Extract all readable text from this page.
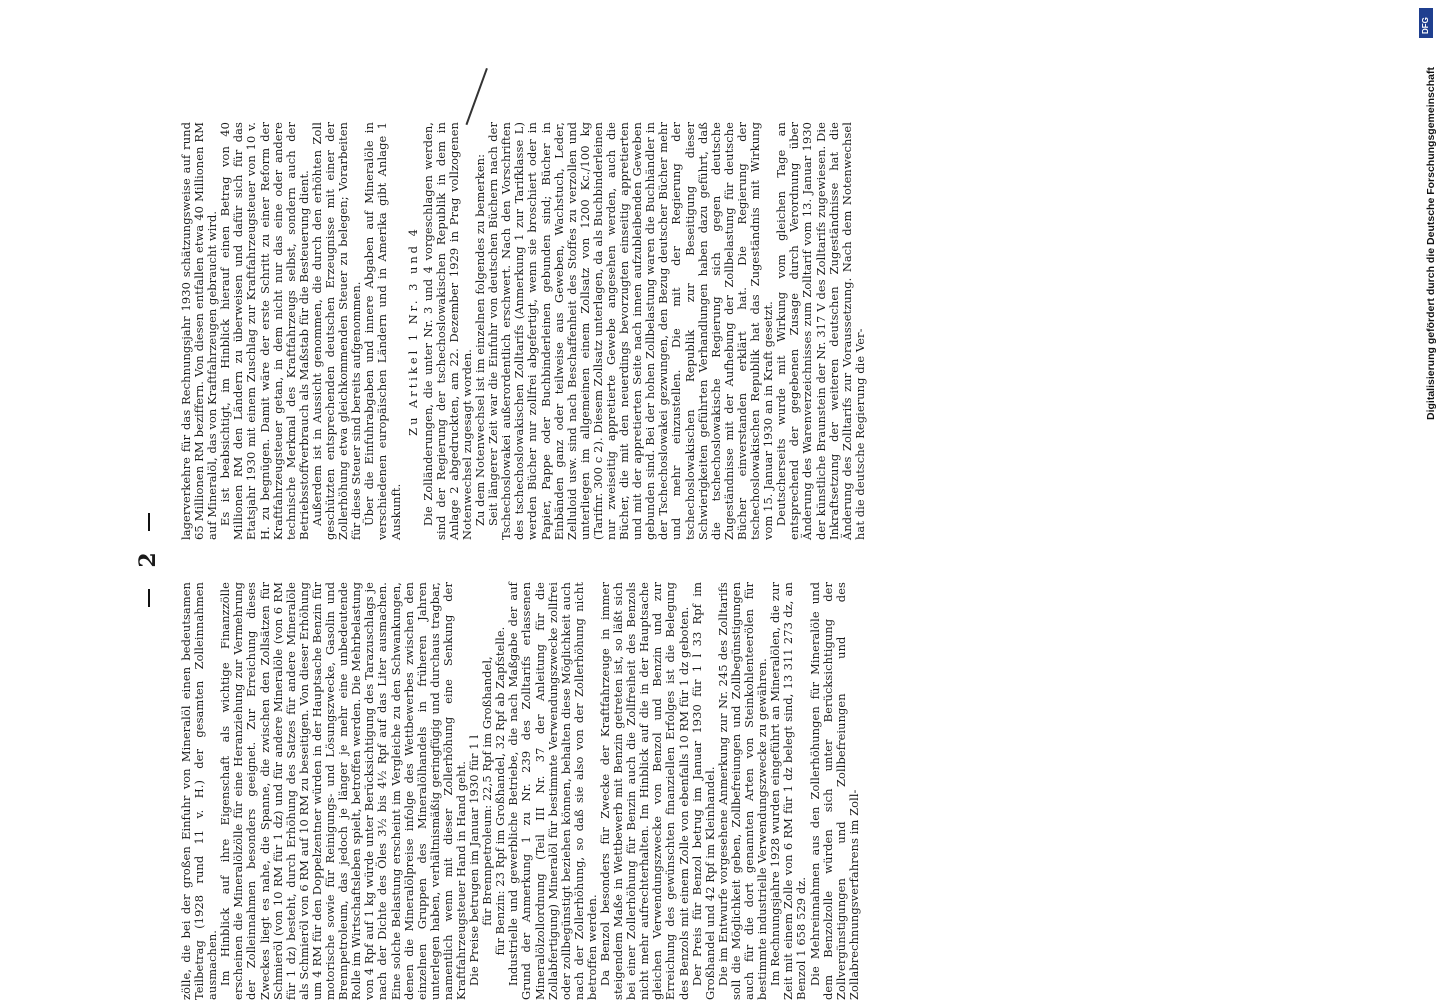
2

zölle, die bei der großen Einfuhr von Mineralöl einen bedeutsamen Teilbetrag (1928 rund 11 v. H.) der gesamten Zolleinnahmen ausmachen. Im Hinblick auf ihre Eigenschaft als wichtige Finanzzölle erscheinen die Mineralölzölle für eine Heranziehung zur Vermehrung der Zolleinnahmen besonders geeignet. Zur Erreichung dieses Zweckes liegt es nahe, die Spanne, die zwischen den Zollsätzen für Schmieröl (von 10 RM für 1 dz) und für andere Mineralöle (von 6 RM für 1 dz) besteht, durch Erhöhung des Satzes für andere Mineralöle als Schmieröl von 6 RM auf 10 RM zu beseitigen. Von dieser Erhöhung um 4 RM für den Doppelzentner würden in der Hauptsache Benzin für motorische sowie für Reinigungs- und Lösungszwecke, Gasolin und Brennpetroleum, das jedoch je länger je mehr eine unbedeutende Rolle im Wirtschaftsleben spielt, betroffen werden. Die Mehrbelastung von 4 Rpf auf 1 kg würde unter Berücksichtigung des Tarazuschlags je nach der Dichte des Öles 3½ bis 4½ Rpf auf das Liter ausmachen. Eine solche Belastung erscheint im Vergleiche zu den Schwankungen, denen die Mineralölpreise infolge des Wettbewerbes zwischen den einzelnen Gruppen des Mineralölhandels in früheren Jahren unterlegen haben, verhältnismäßig geringfügig und durchaus tragbar, namentlich wenn mit dieser Zollerhöhung eine Senkung der Kraftfahrzeugsteuer Hand in Hand geht. Die Preise betrugen im Januar 1930 für 1 l für Brennpetroleum: 22,5 Rpf im Großhandel, für Benzin: 23 Rpf im Großhandel, 32 Rpf ab Zapfstelle. Industrielle und gewerbliche Betriebe, die nach Maßgabe der auf Grund der Anmerkung 1 zu Nr. 239 des Zolltarifs erlassenen Mineralölzollordnung (Teil III Nr. 37 der Anleitung für die Zollabfertigung) Mineralöl für bestimmte Verwendungszwecke zollfrei oder zollbegünstigt beziehen können, behalten diese Möglichkeit auch nach der Zollerhöhung, so daß sie also von der Zollerhöhung nicht betroffen werden. Da Benzol besonders für Zwecke der Kraftfahrzeuge in immer steigendem Maße in Wettbewerb mit Benzin getreten ist, so läßt sich bei einer Zollerhöhung für Benzin auch die Zollfreiheit des Benzols nicht mehr aufrechterhalten. Im Hinblick auf die in der Hauptsache gleichen Verwendungszwecke von Benzol und Benzin und zur Erreichung des gewünschten finanziellen Erfolges ist die Belegung des Benzols mit einem Zolle von ebenfalls 10 RM für 1 dz geboten. Der Preis für Benzol betrug im Januar 1930 für 1 l 33 Rpf im Großhandel und 42 Rpf im Kleinhandel. Die im Entwurfe vorgesehene Anmerkung zur Nr. 245 des Zolltarifs soll die Möglichkeit geben, Zollbefreiungen und Zollbegünstigungen auch für die dort genannten Arten von Steinkohlenteerölen für bestimmte industrielle Verwendungszwecke zu gewähren. Im Rechnungsjahre 1928 wurden eingeführt an Mineralölen, die zur Zeit mit einem Zolle von 6 RM für 1 dz belegt sind, 13 311 273 dz, an Benzol 1 658 529 dz. Die Mehreinnahmen aus den Zollerhöhungen für Mineralöle und dem Benzolzolle würden sich unter Berücksichtigung der Zollvergünstigungen und Zollbefreiungen und des Zollabrechnungsverfahrens im Zoll-

lagerverkehre für das Rechnungsjahr 1930 schätzungsweise auf rund 65 Millionen RM beziffern. Von diesen entfallen etwa 40 Millionen RM auf Mineralöl, das von Kraftfahrzeugen gebraucht wird. Es ist beabsichtigt, im Hinblick hierauf einen Betrag von 40 Millionen RM den Ländern zu überweisen und dafür sich für das Etatsjahr 1930 mit einem Zuschlag zur Kraftfahrzeugsteuer von 10 v. H. zu begnügen. Damit wäre der erste Schritt zu einer Reform der Kraftfahrzeugsteuer getan, in dem nicht nur das eine oder andere technische Merkmal des Kraftfahrzeugs selbst, sondern auch der Betriebsstoffverbrauch als Maßstab für die Besteuerung dient. Außerdem ist in Aussicht genommen, die durch den erhöhten Zoll geschützten entsprechenden deutschen Erzeugnisse mit einer der Zollerhöhung etwa gleichkommenden Steuer zu belegen; Vorarbeiten für diese Steuer sind bereits aufgenommen. Über die Einfuhrabgaben und innere Abgaben auf Mineralöle in verschiedenen europäischen Ländern und in Amerika gibt Anlage 1 Auskunft.

Zu Artikel 1 Nr. 3 und 4 Die Zolländerungen, die unter Nr. 3 und 4 vorgeschlagen werden, sind der Regierung der tschechoslowakischen Republik in dem in Anlage 2 abgedruckten, am 22. Dezember 1929 in Prag vollzogenen Notenwechsel zugesagt worden. Zu dem Notenwechsel ist im einzelnen folgendes zu bemerken: Seit längerer Zeit war die Einfuhr von deutschen Büchern nach der Tschechoslowakei außerordentlich erschwert. Nach den Vorschriften des tschechoslowakischen Zolltarifs (Anmerkung 1 zur Tarifklasse L) werden Bücher nur zollfrei abgefertigt, wenn sie broschiert oder in Papier, Pappe oder Buchbinderleinen gebunden sind; Bücher in Einbänden ganz oder teilweise aus Geweben, Wachstuch, Leder, Zelluloid usw. sind nach Beschaffenheit des Stoffes zu verzollen und unterliegen im allgemeinen einem Zollsatz von 1200 Kc./100 kg (Tarifnr. 300 c 2). Diesem Zollsatz unterlagen, da als Buchbinderleinen nur zweiseitig appretierte Gewebe angesehen werden, auch die Bücher, die mit den neuerdings bevorzugten einseitig appretierten und mit der appretierten Seite nach innen aufzubleibenden Geweben gebunden sind. Bei der hohen Zollbelastung waren die Buchhändler in der Tschechoslowakei gezwungen, den Bezug deutscher Bücher mehr und mehr einzustellen. Die mit der Regierung der tschechoslowakischen Republik zur Beseitigung dieser Schwierigkeiten geführten Verhandlungen haben dazu geführt, daß die tschechoslowakische Regierung sich gegen deutsche Zugeständnisse mit der Aufhebung der Zollbelastung für deutsche Bücher einverstanden erklärt hat. Die Regierung der tschechoslowakischen Republik hat das Zugeständnis mit Wirkung vom 15. Januar 1930 an in Kraft gesetzt. Deutscherseits wurde mit Wirkung vom gleichen Tage an entsprechend der gegebenen Zusage durch Verordnung über Änderung des Warenverzeichnisses zum Zolltarif vom 13. Januar 1930 der künstliche Braunstein der Nr. 317 V des Zolltarifs zugewiesen. Die Inkraftsetzung der weiteren deutschen Zugeständnisse hat die Änderung des Zolltarifs zur Voraussetzung. Nach dem Notenwechsel hat die deutsche Regierung die Ver-

DFG
Digitalisierung gefördert durch die Deutsche Forschungsgemeinschaft
